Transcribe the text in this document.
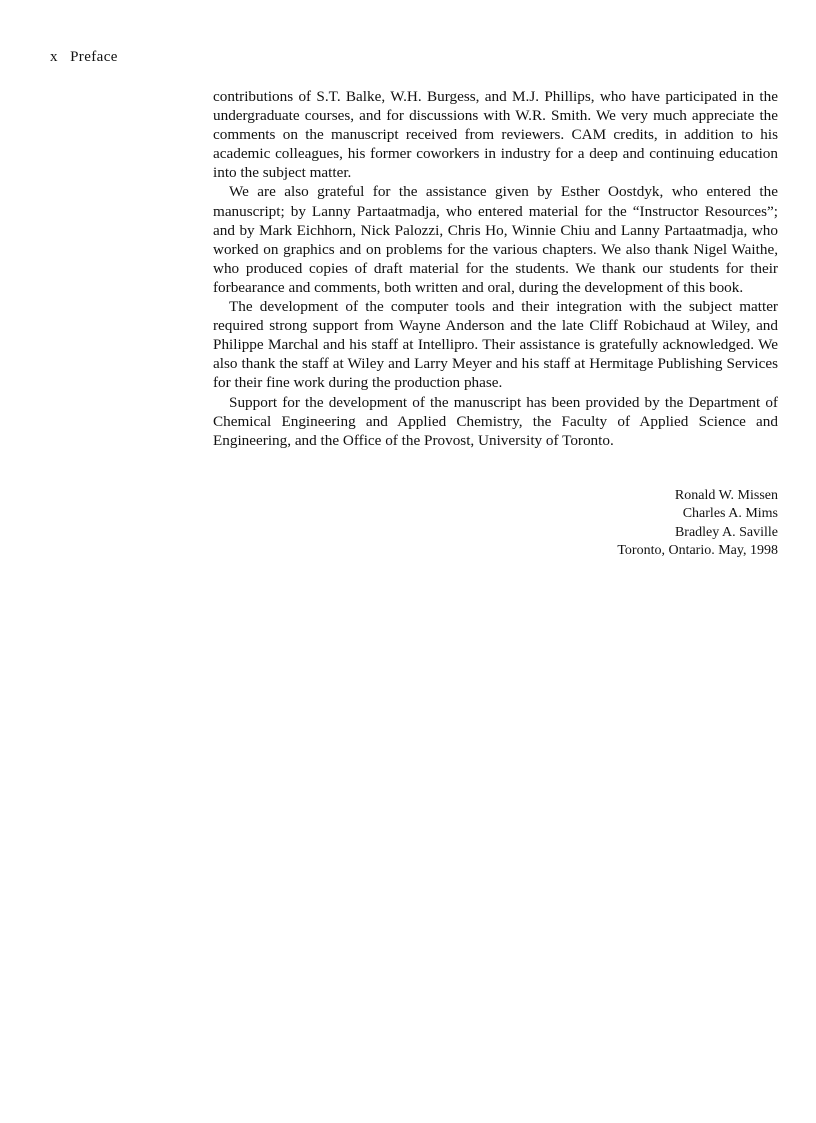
x Preface

contributions of S.T. Balke, W.H. Burgess, and M.J. Phillips, who have participated in the undergraduate courses, and for discussions with W.R. Smith. We very much appreciate the comments on the manuscript received from reviewers. CAM credits, in addition to his academic colleagues, his former coworkers in industry for a deep and continuing education into the subject matter.

We are also grateful for the assistance given by Esther Oostdyk, who entered the manuscript; by Lanny Partaatmadja, who entered material for the “Instructor Resources”; and by Mark Eichhorn, Nick Palozzi, Chris Ho, Winnie Chiu and Lanny Partaatmadja, who worked on graphics and on problems for the various chapters. We also thank Nigel Waithe, who produced copies of draft material for the students. We thank our students for their forbearance and comments, both written and oral, during the development of this book.

The development of the computer tools and their integration with the subject matter required strong support from Wayne Anderson and the late Cliff Robichaud at Wiley, and Philippe Marchal and his staff at Intellipro. Their assistance is gratefully acknowledged. We also thank the staff at Wiley and Larry Meyer and his staff at Hermitage Publishing Services for their fine work during the production phase.

Support for the development of the manuscript has been provided by the Department of Chemical Engineering and Applied Chemistry, the Faculty of Applied Science and Engineering, and the Office of the Provost, University of Toronto.

Ronald W. Missen
Charles A. Mims
Bradley A. Saville
Toronto, Ontario. May, 1998
